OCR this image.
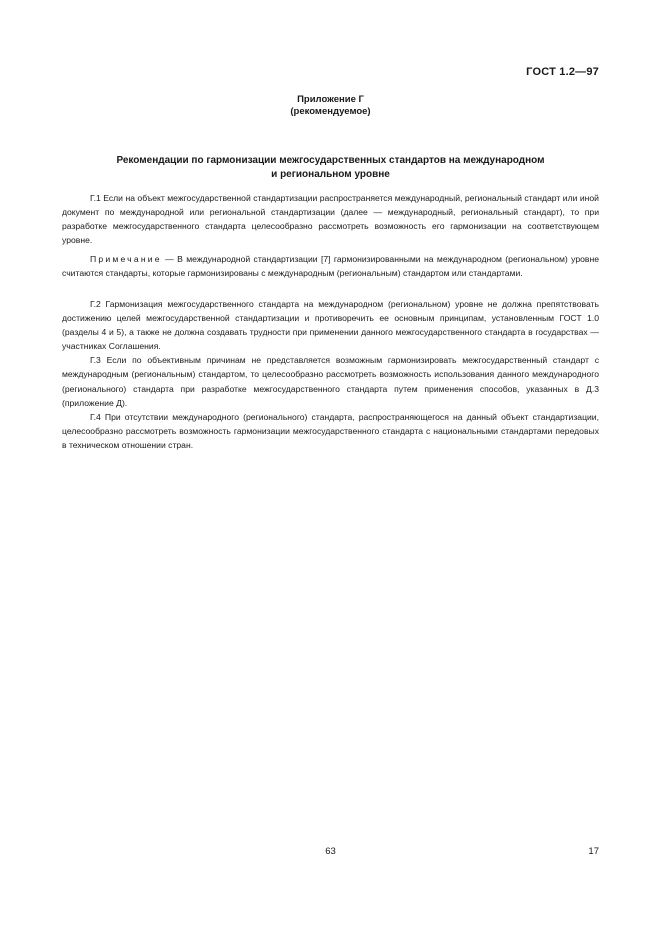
ГОСТ 1.2—97
Приложение Г
(рекомендуемое)
Рекомендации по гармонизации межгосударственных стандартов на международном
и региональном уровне

Г.1 Если на объект межгосударственной стандартизации распространяется международный, региональный стандарт или иной документ по международной или региональной стандартизации (далее — международный, региональный стандарт), то при разработке межгосударственного стандарта целесообразно рассмотреть возможность его гармонизации на соответствующем уровне.

Примечание — В международной стандартизации [7] гармонизированными на международном (региональном) уровне считаются стандарты, которые гармонизированы с международным (региональным) стандартом или стандартами.

Г.2 Гармонизация межгосударственного стандарта на международном (региональном) уровне не должна препятствовать достижению целей межгосударственной стандартизации и противоречить ее основным принципам, установленным ГОСТ 1.0 (разделы 4 и 5), а также не должна создавать трудности при применении данного межгосударственного стандарта в государствах — участниках Соглашения.

Г.3 Если по объективным причинам не представляется возможным гармонизировать межгосударственный стандарт с международным (региональным) стандартом, то целесообразно рассмотреть возможность использования данного международного (регионального) стандарта при разработке межгосударственного стандарта путем применения способов, указанных в Д.3 (приложение Д).

Г.4 При отсутствии международного (регионального) стандарта, распространяющегося на данный объект стандартизации, целесообразно рассмотреть возможность гармонизации межгосударственного стандарта с национальными стандартами передовых в техническом отношении стран.

63	17
